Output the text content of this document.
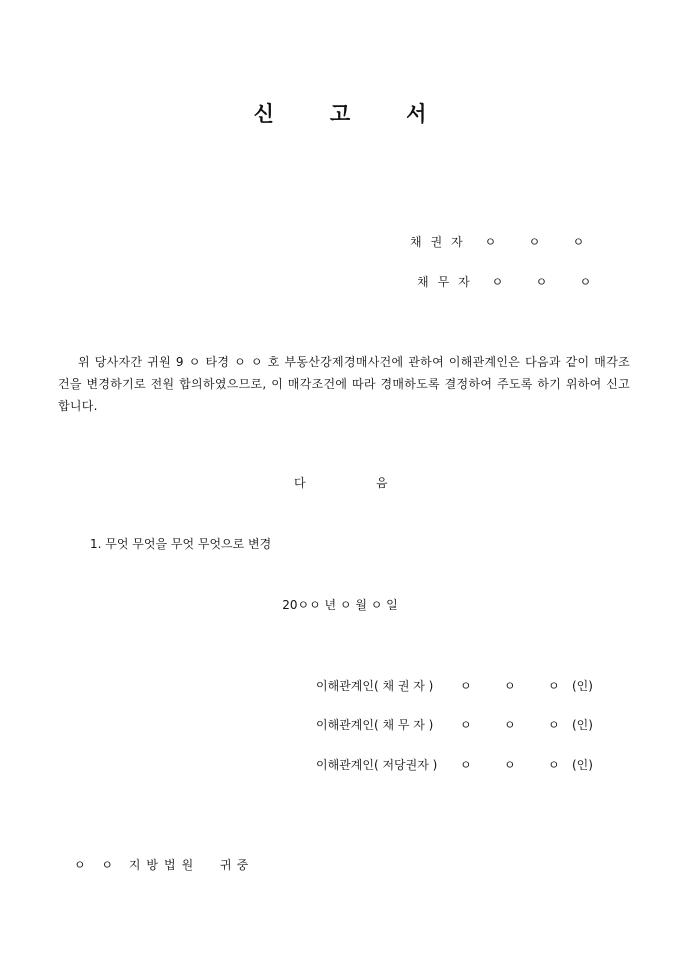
신고서
채권자 ㅇ	ㅇ	ㅇ
채무자 ㅇ	ㅇ	ㅇ
위 당사자간 귀원 9 ㅇ 타경 ㅇ ㅇ 호 부동산강제경매사건에 관하여 이해관계인은 다음과 같이 매각조건을 변경하기로 전원 합의하였으므로, 이 매각조건에 따라 경매하도록 결정하여 주도록 하기 위하여 신고합니다.
다	음
1. 무엇 무엇을 무엇 무엇으로 변경
20ㅇㅇ 년 ㅇ 월 ㅇ 일
이해관계인( 채 권 자 ) ㅇ	ㅇ	ㅇ (인)
이해관계인( 채 무 자 ) ㅇ	ㅇ	ㅇ (인)
이해관계인( 저당권자 ) ㅇ	ㅇ	ㅇ (인)
ㅇ ㅇ 지방법원 귀중
